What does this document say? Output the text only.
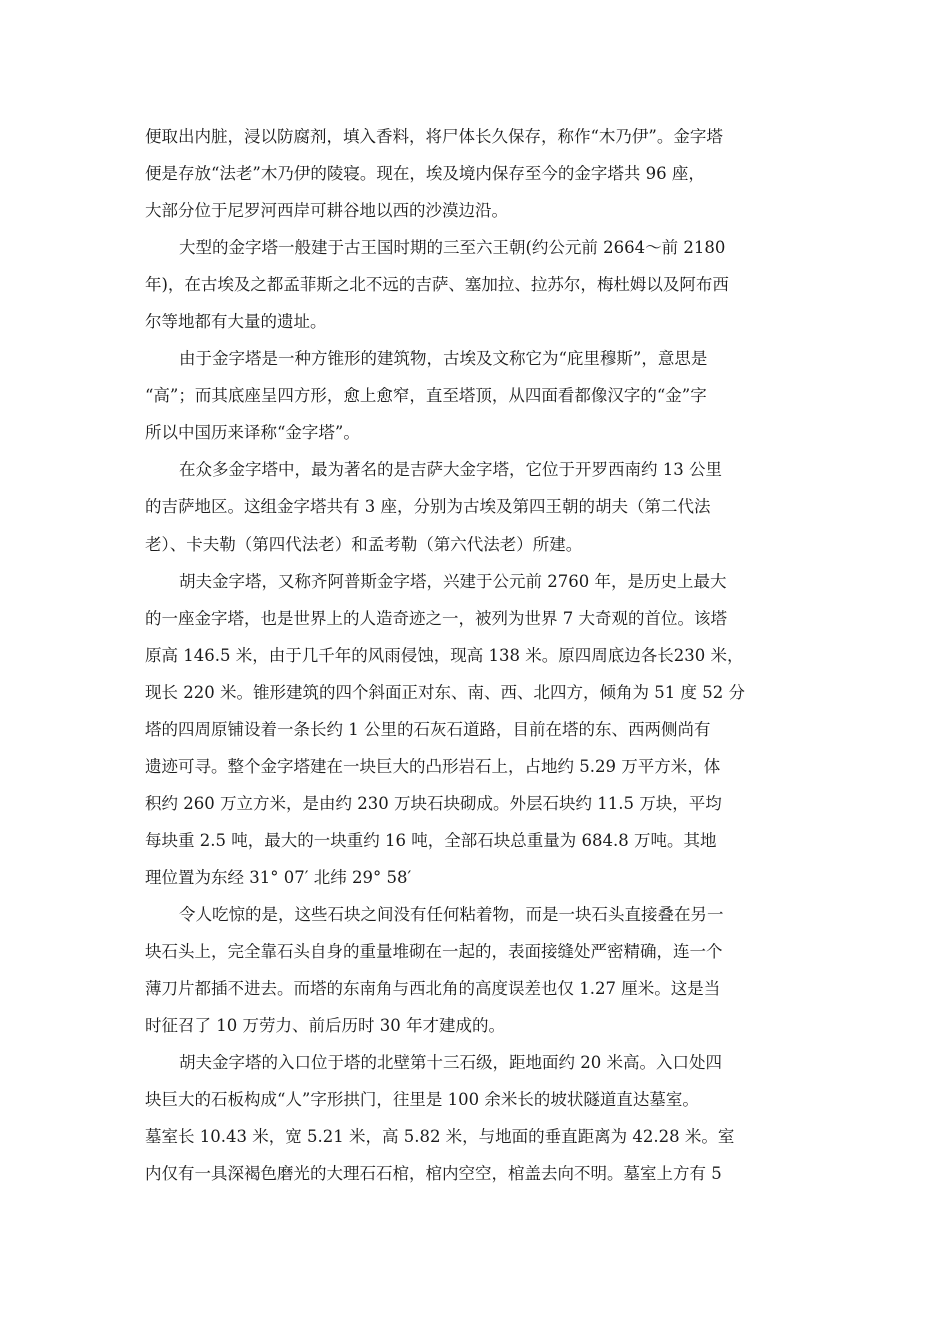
便取出内脏，浸以防腐剂，填入香料，将尸体长久保存，称作“木乃伊”。金字塔
便是存放“法老”木乃伊的陵寝。现在，埃及境内保存至今的金字塔共 96 座，
大部分位于尼罗河西岸可耕谷地以西的沙漠边沿。
大型的金字塔一般建于古王国时期的三至六王朝(约公元前 2664～前 2180
年)，在古埃及之都孟菲斯之北不远的吉萨、塞加拉、拉苏尔，梅杜姆以及阿布西
尔等地都有大量的遗址。
由于金字塔是一种方锥形的建筑物，古埃及文称它为“庇里穆斯”，意思是
“高”；而其底座呈四方形，愈上愈窄，直至塔顶，从四面看都像汉字的“金”字
所以中国历来译称“金字塔”。
在众多金字塔中，最为著名的是吉萨大金字塔，它位于开罗西南约 13 公里
的吉萨地区。这组金字塔共有 3 座，分别为古埃及第四王朝的胡夫（第二代法
老）、卡夫勒（第四代法老）和孟考勒（第六代法老）所建。
胡夫金字塔，又称齐阿普斯金字塔，兴建于公元前 2760 年，是历史上最大
的一座金字塔，也是世界上的人造奇迹之一，被列为世界 7 大奇观的首位。该塔
原高 146.5 米，由于几千年的风雨侵蚀，现高 138 米。原四周底边各长230 米，
现长 220 米。锥形建筑的四个斜面正对东、南、西、北四方，倾角为 51 度 52 分
塔的四周原铺设着一条长约 1 公里的石灰石道路，目前在塔的东、西两侧尚有
遗迹可寻。整个金字塔建在一块巨大的凸形岩石上，占地约 5.29 万平方米，体
积约 260 万立方米，是由约 230 万块石块砌成。外层石块约 11.5 万块，平均
每块重 2.5 吨，最大的一块重约 16 吨，全部石块总重量为 684.8 万吨。其地
理位置为东经 31° 07′ 北纬 29° 58′
令人吃惊的是，这些石块之间没有任何粘着物，而是一块石头直接叠在另一
块石头上，完全靠石头自身的重量堆砌在一起的，表面接缝处严密精确，连一个
薄刀片都插不进去。而塔的东南角与西北角的高度误差也仅 1.27 厘米。这是当
时征召了 10 万劳力、前后历时 30 年才建成的。
胡夫金字塔的入口位于塔的北壁第十三石级，距地面约 20 米高。入口处四
块巨大的石板构成“人”字形拱门，往里是 100 余米长的坡状隧道直达墓室。
墓室长 10.43 米，宽 5.21 米，高 5.82 米，与地面的垂直距离为 42.28 米。室
内仅有一具深褐色磨光的大理石石棺，棺内空空，棺盖去向不明。墓室上方有 5
